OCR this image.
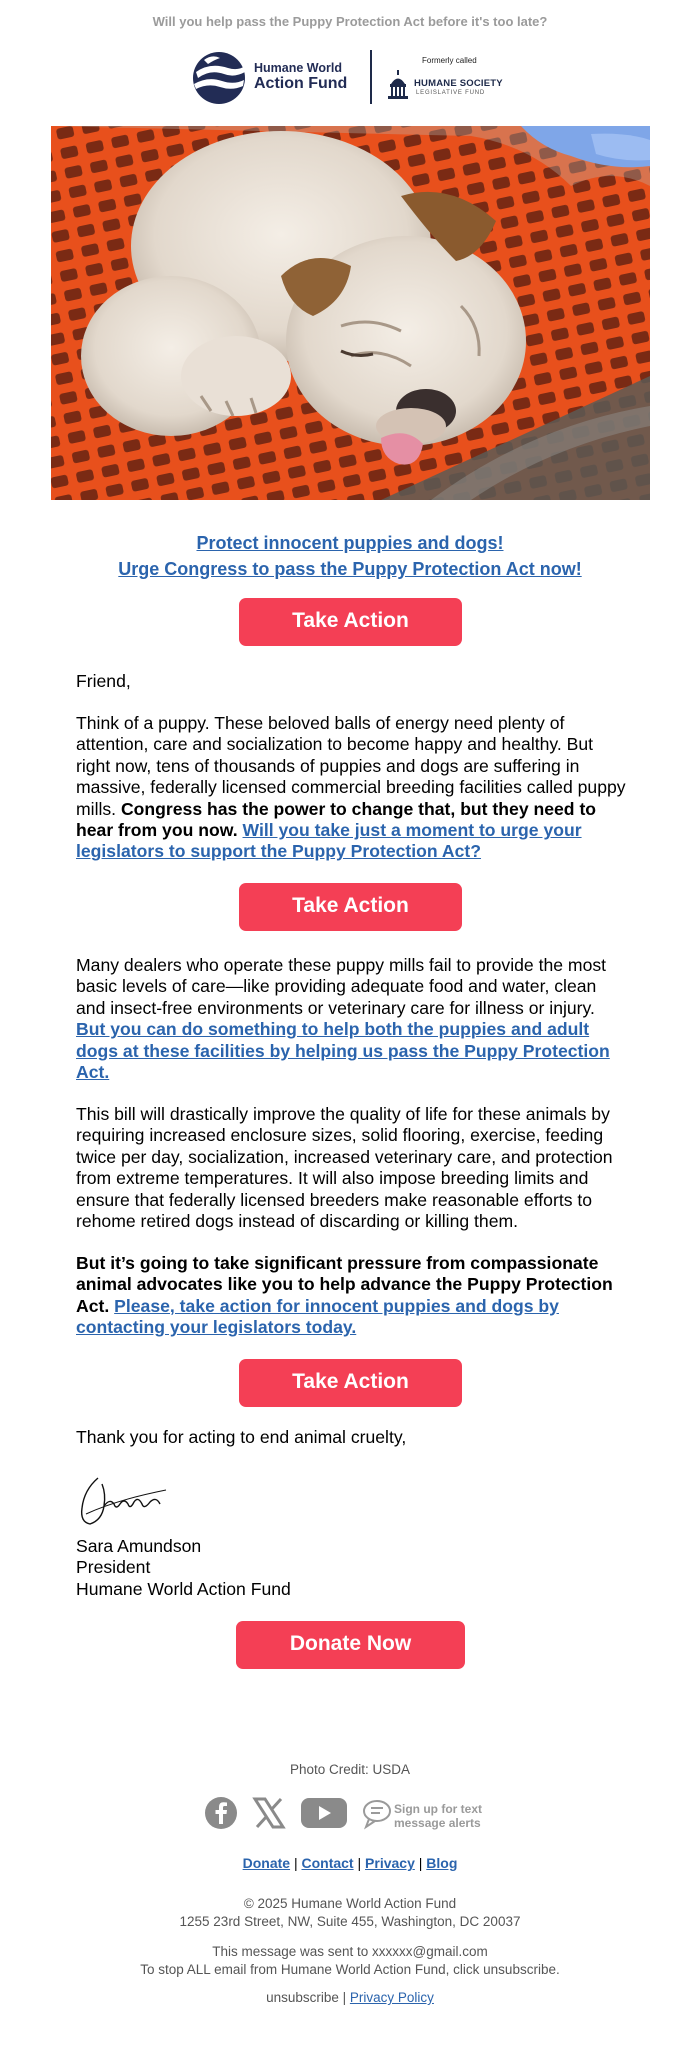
Will you help pass the Puppy Protection Act before it's too late?
Humane World
Action Fund
Formerly called
HUMANE SOCIETY
LEGISLATIVE FUND
Protect innocent puppies and dogs!
Urge Congress to pass the Puppy Protection Act now!
Take Action
Friend,
Think of a puppy. These beloved balls of energy need plenty of attention, care and socialization to become happy and healthy. But right now, tens of thousands of puppies and dogs are suffering in massive, federally licensed commercial breeding facilities called puppy mills. Congress has the power to change that, but they need to hear from you now. Will you take just a moment to urge your legislators to support the Puppy Protection Act?
Take Action
Many dealers who operate these puppy mills fail to provide the most basic levels of care—like providing adequate food and water, clean and insect-free environments or veterinary care for illness or injury. But you can do something to help both the puppies and adult dogs at these facilities by helping us pass the Puppy Protection Act.
This bill will drastically improve the quality of life for these animals by requiring increased enclosure sizes, solid flooring, exercise, feeding twice per day, socialization, increased veterinary care, and protection from extreme temperatures. It will also impose breeding limits and ensure that federally licensed breeders make reasonable efforts to rehome retired dogs instead of discarding or killing them.
But it’s going to take significant pressure from compassionate animal advocates like you to help advance the Puppy Protection Act. Please, take action for innocent puppies and dogs by contacting your legislators today.
Take Action
Thank you for acting to end animal cruelty,
Sara Amundson
President
Humane World Action Fund
Donate Now
Photo Credit: USDA
Sign up for text
message alerts
Donate | Contact | Privacy | Blog
© 2025 Humane World Action Fund
1255 23rd Street, NW, Suite 455, Washington, DC 20037
This message was sent to xxxxxx@gmail.com
To stop ALL email from Humane World Action Fund, click unsubscribe.
unsubscribe | Privacy Policy
